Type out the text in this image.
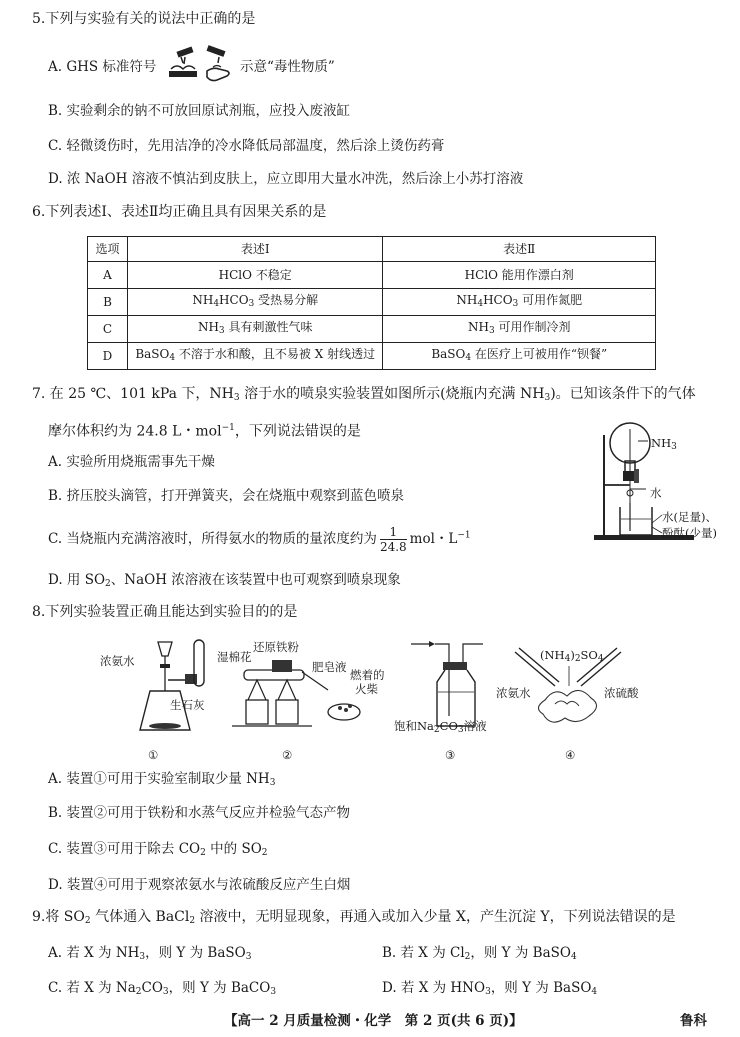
5.下列与实验有关的说法中正确的是
A. GHS 标准符号	示意“毒性物质”
B. 实验剩余的钠不可放回原试剂瓶，应投入废液缸
C. 轻微烫伤时，先用洁净的冷水降低局部温度，然后涂上烫伤药膏
D. 浓 NaOH 溶液不慎沾到皮肤上，应立即用大量水冲洗，然后涂上小苏打溶液
6.下列表述Ⅰ、表述Ⅱ均正确且具有因果关系的是
选项	表述Ⅰ	表述Ⅱ
A	HClO 不稳定	HClO 能用作漂白剂
B	$NH_4HCO_3$ 受热易分解	$NH_4HCO_3$ 可用作氮肥
C	$NH_3$ 具有刺激性气味	$NH_3$ 可用作制冷剂
D	BaSO$_4$ 不溶于水和酸，且不易被 X 射线透过	BaSO$_4$ 在医疗上可被用作“钡餐”
7. 在 25 ℃、101 kPa 下，$NH_3$ 溶于水的喷泉实验装置如图所示(烧瓶内充满 $NH_3$)。已知该条件下的气体
摩尔体积约为 24.8 L・mol$^{-1}$，下列说法错误的是
A. 实验所用烧瓶需事先干燥
B. 挤压胶头滴管，打开弹簧夹，会在烧瓶中观察到蓝色喷泉
C. 当烧瓶内充满溶液时，所得氨水的物质的量浓度约为 $\frac{1}{24.8}$ mol・$L^{-1}$
D. 用 $SO_2$、NaOH 浓溶液在该装置中也可观察到喷泉现象
$NH_3$
水
水(足量)、
酚酞(少量)
8.下列实验装置正确且能达到实验目的的是
浓氨水
生石灰
①
湿棉花
还原铁粉
肥皂液
燃着的
火柴
②
饱和$Na_2CO_3$溶液
③
$(NH_4)_2SO_4$
浓氨水	浓硫酸
④
A. 装置①可用于实验室制取少量 $NH_3$
B. 装置②可用于铁粉和水蒸气反应并检验气态产物
C. 装置③可用于除去 $CO_2$ 中的 $SO_2$
D. 装置④可用于观察浓氨水与浓硫酸反应产生白烟
9.将 $SO_2$ 气体通入 BaCl$_2$ 溶液中，无明显现象，再通入或加入少量 X，产生沉淀 Y，下列说法错误的是
A. 若 X 为 $NH_3$，则 Y 为 BaSO$_3$	B. 若 X 为 $Cl_2$，则 Y 为 BaSO$_4$
C. 若 X 为 $Na_2CO_3$，则 Y 为 BaCO$_3$	D. 若 X 为 $HNO_3$，则 Y 为 BaSO$_4$
【高一 2 月质量检测・化学　第 2 页(共 6 页)】	鲁科
